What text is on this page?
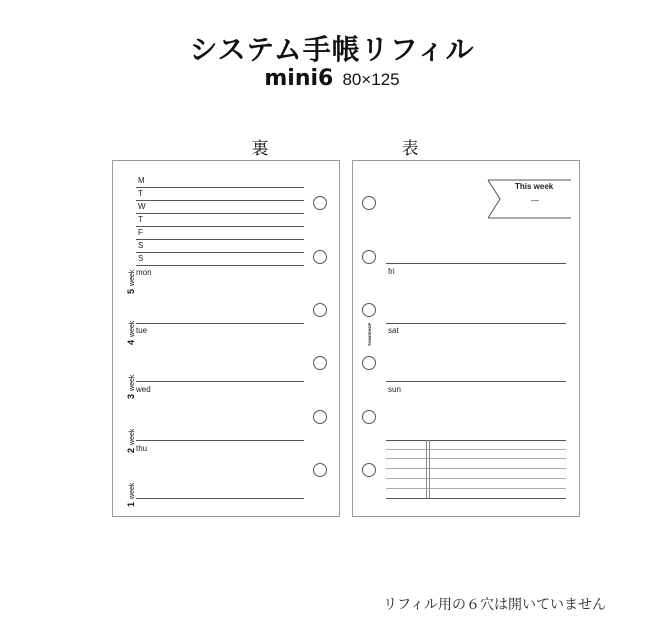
システム手帳リフィル
mini6 80×125
裏	表
M
T
W
T
F
S
S
mon
tue
wed
thu
5week
4week
3week
2week
1week
This week
—
TOMOSHOP
fri
sat
sun
リフィル用の６穴は開いていません
